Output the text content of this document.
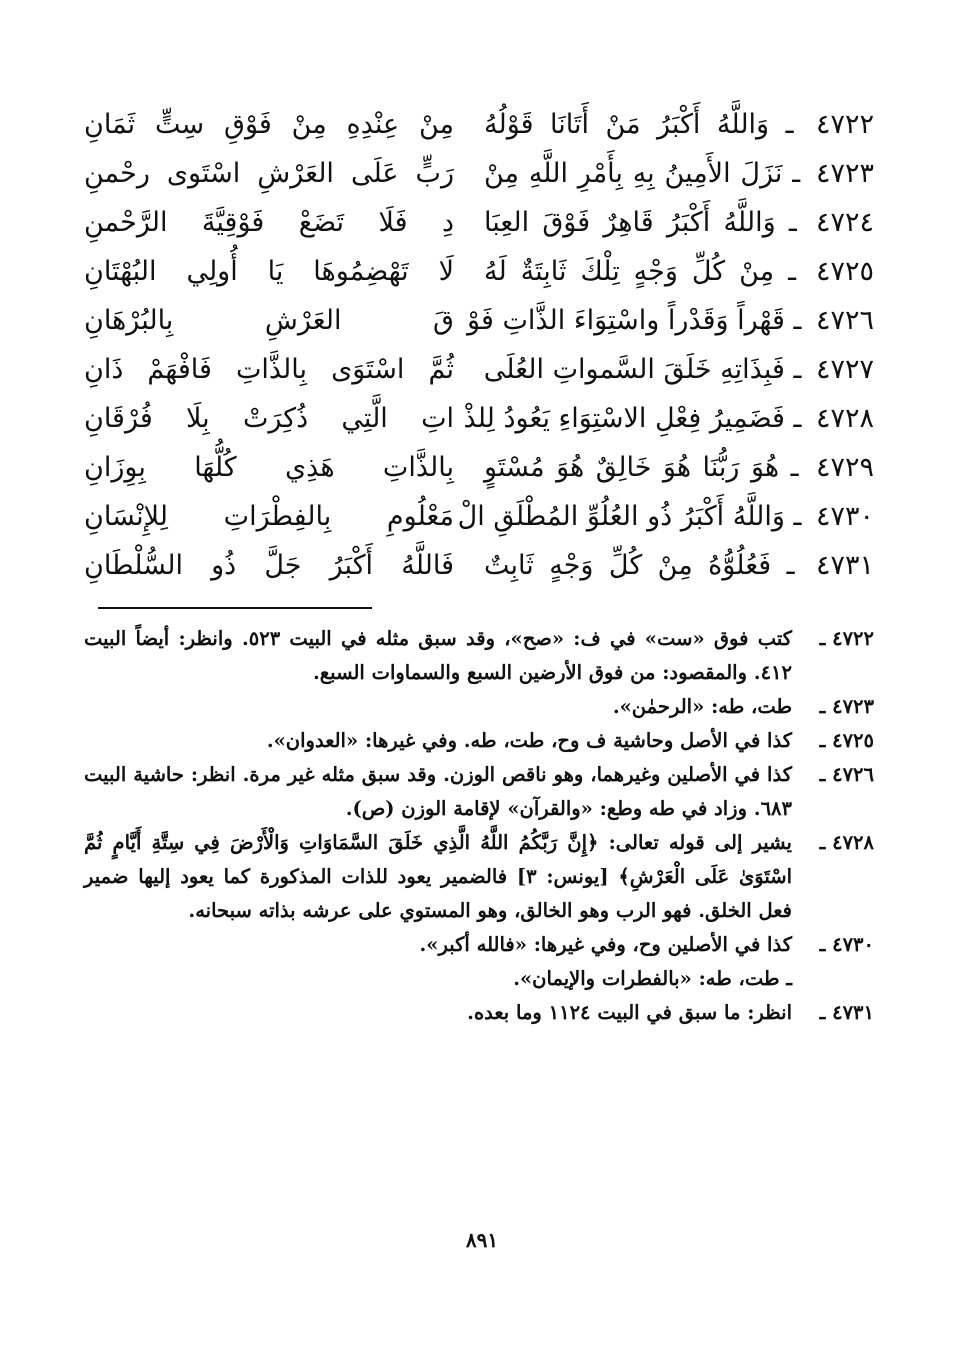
٤٧٢٢ ـ وَاللَّهُ أَكْبَرُ مَنْ أَتَانَا قَوْلُهُ
مِنْ عِنْدِهِ مِنْ فَوْقِ سِتٍّ ثَمَانِ
٤٧٢٣ ـ نَزَلَ الأَمِينُ بِهِ بِأَمْرِ اللَّهِ مِنْ
رَبٍّ عَلَى العَرْشِ اسْتَوى رحْمنِ
٤٧٢٤ ـ وَاللَّهُ أَكْبَرُ قَاهِرٌ فَوْقَ العِبَا
دِ فَلَا تَضَعْ فَوْقِيَّةَ الرَّحْمنِ
٤٧٢٥ ـ مِنْ كُلِّ وَجْهٍ تِلْكَ ثَابِتَةٌ لَهُ
لَا تَهْضِمُوهَا يَا أُولِي البُهْتَانِ
٤٧٢٦ ـ قَهْراً وَقَدْراً واسْتِوَاءَ الذَّاتِ فَوْ
قَ العَرْشِ بِالبُرْهَانِ
٤٧٢٧ ـ فَبِذَاتِهِ خَلَقَ السَّمواتِ العُلَى
ثُمَّ اسْتَوَى بِالذَّاتِ فَافْهَمْ ذَانِ
٤٧٢٨ ـ فَضَمِيرُ فِعْلِ الاسْتِوَاءِ يَعُودُ لِلذْ
اتِ الَّتِي ذُكِرَتْ بِلَا فُرْقَانِ
٤٧٢٩ ـ هُوَ رَبُّنَا هُوَ خَالِقٌ هُوَ مُسْتَوٍ
بِالذَّاتِ هَذِي كُلُّهَا بِوِزَانِ
٤٧٣٠ ـ وَاللَّهُ أَكْبَرُ ذُو العُلُوِّ المُطْلَقِ الْ
مَعْلُومِ بِالفِطْرَاتِ لِلإِنْسَانِ
٤٧٣١ ـ فَعُلُوُّهُ مِنْ كُلِّ وَجْهٍ ثَابِتٌ
فَاللَّهُ أَكْبَرُ جَلَّ ذُو السُّلْطَانِ
٤٧٢٢ ـ
كتب فوق «ست» في ف: «صح»، وقد سبق مثله في البيت ٥٢٣. وانظر: أيضاً البيت ٤١٢. والمقصود: من فوق الأرضين السبع والسماوات السبع.
٤٧٢٣ ـ
طت، طه: «الرحمٰن».
٤٧٢٥ ـ
كذا في الأصل وحاشية ف وح، طت، طه. وفي غيرها: «العدوان».
٤٧٢٦ ـ
كذا في الأصلين وغيرهما، وهو ناقص الوزن. وقد سبق مثله غير مرة. انظر: حاشية البيت ٦٨٣. وزاد في طه وطع: «والقرآن» لإقامة الوزن (ص).
٤٧٢٨ ـ
يشير إلى قوله تعالى: ﴿إِنَّ رَبَّكُمُ اللَّهُ الَّذِي خَلَقَ السَّمَاوَاتِ وَالْأَرْضَ فِي سِتَّةِ أَيَّامٍ ثُمَّ اسْتَوَىٰ عَلَى الْعَرْشِ﴾ [يونس: ٣] فالضمير يعود للذات المذكورة كما يعود إليها ضمير فعل الخلق. فهو الرب وهو الخالق، وهو المستوي على عرشه بذاته سبحانه.
٤٧٣٠ ـ
كذا في الأصلين وح، وفي غيرها: «فالله أكبر».
ـ طت، طه: «بالفطرات والإيمان».
٤٧٣١ ـ
انظر: ما سبق في البيت ١١٢٤ وما بعده.
٨٩١
